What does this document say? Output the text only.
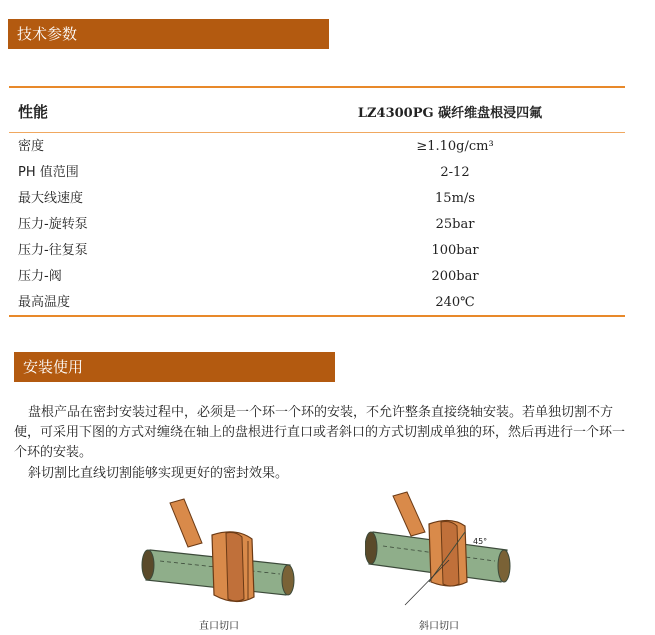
技术参数
性能	LZ4300PG 碳纤维盘根浸四氟
密度	≥1.10g/cm³
PH 值范围	2-12
最大线速度	15m/s
压力-旋转泵	25bar
压力-往复泵	100bar
压力-阀	200bar
最高温度	240℃
安装使用
盘根产品在密封安装过程中，必须是一个环一个环的安装，不允许整条直接绕轴安装。若单独切割不方便，可采用下图的方式对缠绕在轴上的盘根进行直口或者斜口的方式切割成单独的环，然后再进行一个环一个环的安装。
斜切割比直线切割能够实现更好的密封效果。
直口切口
45°
斜口切口
